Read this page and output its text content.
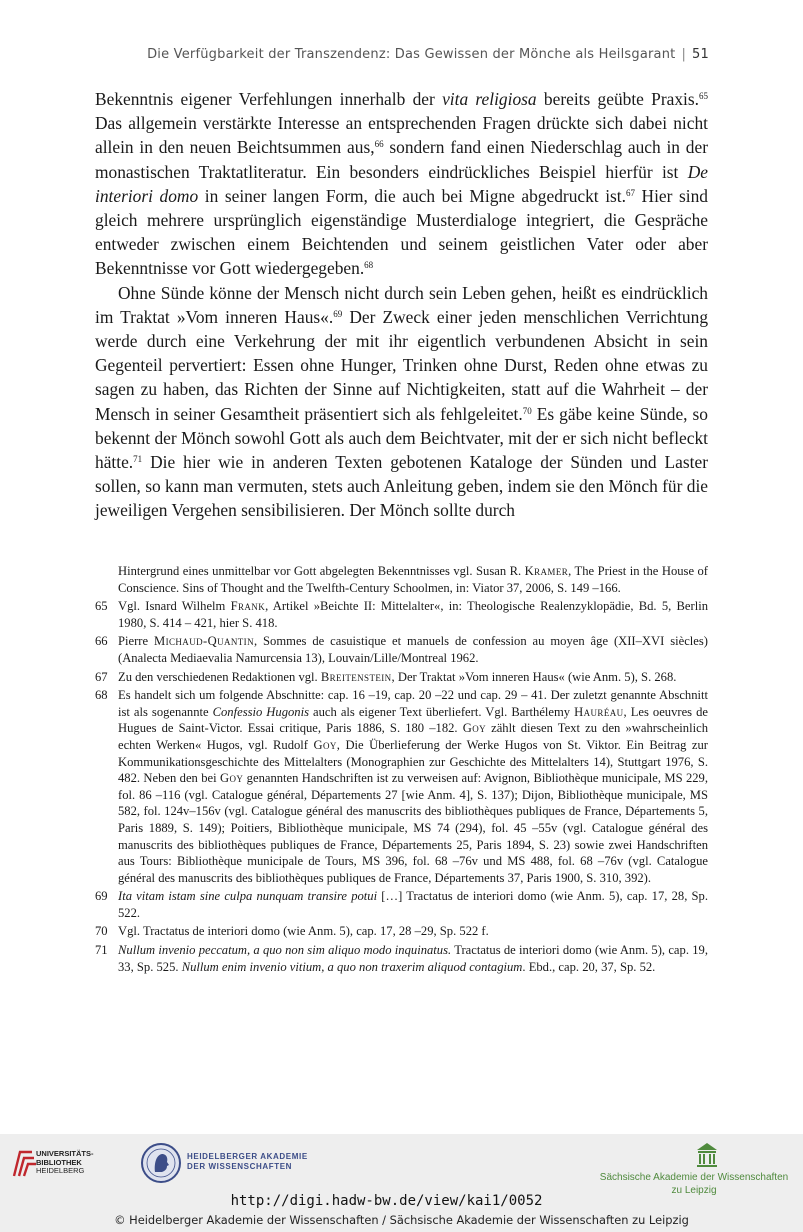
Die Verfügbarkeit der Transzendenz: Das Gewissen der Mönche als Heilsgarant | 51

Bekenntnis eigener Verfehlungen innerhalb der vita religiosa bereits geübte Praxis.$^{65}$ Das allgemein verstärkte Interesse an entsprechenden Fragen drückte sich dabei nicht allein in den neuen Beichtsummen aus,$^{66}$ sondern fand einen Niederschlag auch in der monastischen Traktatliteratur. Ein besonders eindrückliches Beispiel hierfür ist De interiori domo in seiner langen Form, die auch bei Migne abgedruckt ist.$^{67}$ Hier sind gleich mehrere ursprünglich eigenständige Musterdialoge integriert, die Gespräche entweder zwischen einem Beichtenden und seinem geistlichen Vater oder aber Bekenntnisse vor Gott wiedergegeben.$^{68}$

Ohne Sünde könne der Mensch nicht durch sein Leben gehen, heißt es eindrücklich im Traktat »Vom inneren Haus«.$^{69}$ Der Zweck einer jeden menschlichen Verrichtung werde durch eine Verkehrung der mit ihr eigentlich verbundenen Absicht in sein Gegenteil pervertiert: Essen ohne Hunger, Trinken ohne Durst, Reden ohne etwas zu sagen zu haben, das Richten der Sinne auf Nichtigkeiten, statt auf die Wahrheit – der Mensch in seiner Gesamtheit präsentiert sich als fehlgeleitet.$^{70}$ Es gäbe keine Sünde, so bekennt der Mönch sowohl Gott als auch dem Beichtvater, mit der er sich nicht befleckt hätte.$^{71}$ Die hier wie in anderen Texten gebotenen Kataloge der Sünden und Laster sollen, so kann man vermuten, stets auch Anleitung geben, indem sie den Mönch für die jeweiligen Vergehen sensibilisieren. Der Mönch sollte durch

Hintergrund eines unmittelbar vor Gott abgelegten Bekenntnisses vgl. Susan R. Kramer, The Priest in the House of Conscience. Sins of Thought and the Twelfth-Century Schoolmen, in: Viator 37, 2006, S. 149 –166.
65 Vgl. Isnard Wilhelm Frank, Artikel »Beichte II: Mittelalter«, in: Theologische Realenzyklopädie, Bd. 5, Berlin 1980, S. 414 – 421, hier S. 418.
66 Pierre Michaud-Quantin, Sommes de casuistique et manuels de confession au moyen âge (XII–XVI siècles) (Analecta Mediaevalia Namurcensia 13), Louvain/Lille/Montreal 1962.
67 Zu den verschiedenen Redaktionen vgl. Breitenstein, Der Traktat »Vom inneren Haus« (wie Anm. 5), S. 268.
68 Es handelt sich um folgende Abschnitte: cap. 16 –19, cap. 20 –22 und cap. 29 – 41. Der zuletzt genannte Abschnitt ist als sogenannte Confessio Hugonis auch als eigener Text überliefert. Vgl. Barthélemy Hauréau, Les oeuvres de Hugues de Saint-Victor. Essai critique, Paris 1886, S. 180 –182. Goy zählt diesen Text zu den »wahrscheinlich echten Werken« Hugos, vgl. Rudolf Goy, Die Überlieferung der Werke Hugos von St. Viktor. Ein Beitrag zur Kommunikationsgeschichte des Mittelalters (Monographien zur Geschichte des Mittelalters 14), Stuttgart 1976, S. 482. Neben den bei Goy genannten Handschriften ist zu verweisen auf: Avignon, Bibliothèque municipale, MS 229, fol. 86 –116 (vgl. Catalogue général, Départements 27 [wie Anm. 4], S. 137); Dijon, Bibliothèque municipale, MS 582, fol. 124v–156v (vgl. Catalogue général des manuscrits des bibliothèques publiques de France, Départements 5, Paris 1889, S. 149); Poitiers, Bibliothèque municipale, MS 74 (294), fol. 45 –55v (vgl. Catalogue général des manuscrits des bibliothèques publiques de France, Départements 25, Paris 1894, S. 23) sowie zwei Handschriften aus Tours: Bibliothèque municipale de Tours, MS 396, fol. 68 –76v und MS 488, fol. 68 –76v (vgl. Catalogue général des manuscrits des bibliothèques publiques de France, Départements 37, Paris 1900, S. 310, 392).
69 Ita vitam istam sine culpa nunquam transire potui […] Tractatus de interiori domo (wie Anm. 5), cap. 17, 28, Sp. 522.
70 Vgl. Tractatus de interiori domo (wie Anm. 5), cap. 17, 28 –29, Sp. 522 f.
71 Nullum invenio peccatum, a quo non sim aliquo modo inquinatus. Tractatus de interiori domo (wie Anm. 5), cap. 19, 33, Sp. 525. Nullum enim invenio vitium, a quo non traxerim aliquod contagium. Ebd., cap. 20, 37, Sp. 52.
UNIVERSITÄTS-
BIBLIOTHEK
HEIDELBERG
HEIDELBERGER AKADEMIE
DER WISSENSCHAFTEN
Sächsische Akademie der Wissenschaften
zu Leipzig
http://digi.hadw-bw.de/view/kai1/0052
© Heidelberger Akademie der Wissenschaften / Sächsische Akademie der Wissenschaften zu Leipzig
